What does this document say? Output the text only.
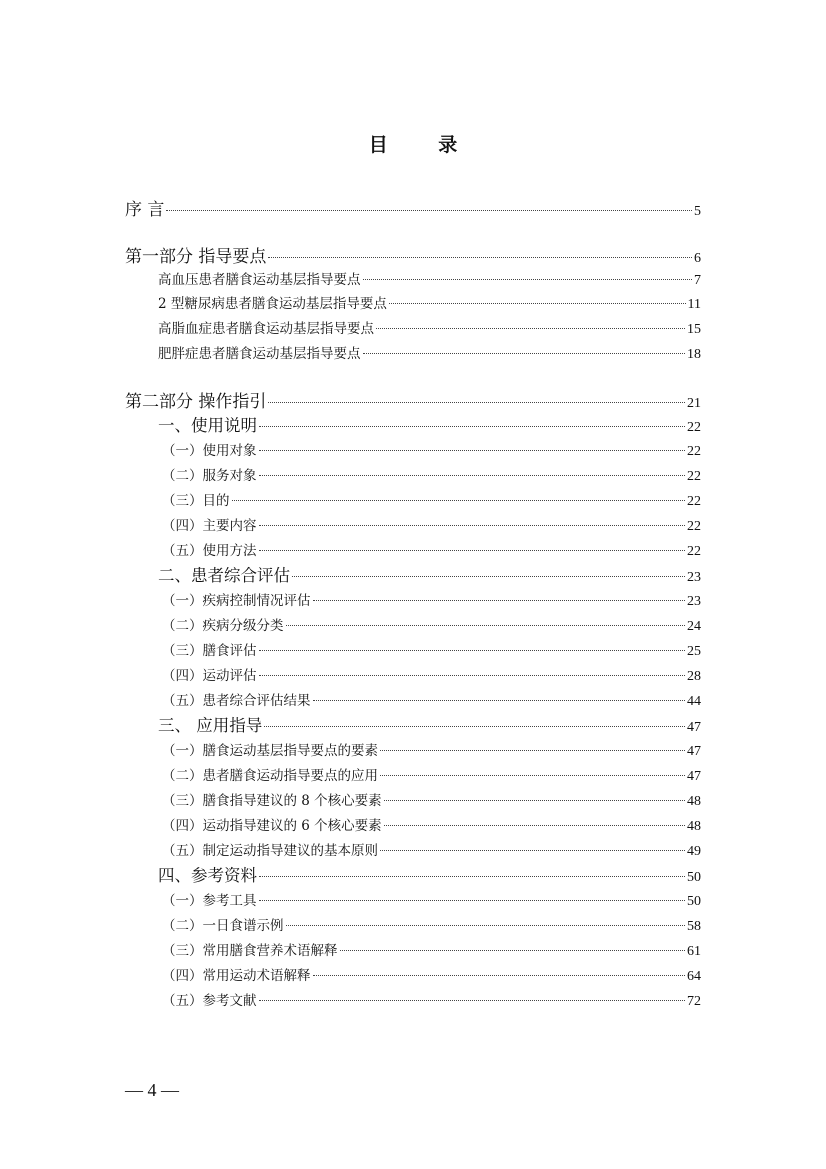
目 录
序 言	5
第一部分 指导要点	6
高血压患者膳食运动基层指导要点	7
2 型糖尿病患者膳食运动基层指导要点	11
高脂血症患者膳食运动基层指导要点	15
肥胖症患者膳食运动基层指导要点	18
第二部分 操作指引	21
一、使用说明	22
（一）使用对象	22
（二）服务对象	22
（三）目的	22
（四）主要内容	22
（五）使用方法	22
二、患者综合评估	23
（一）疾病控制情况评估	23
（二）疾病分级分类	24
（三）膳食评估	25
（四）运动评估	28
（五）患者综合评估结果	44
三、 应用指导	47
（一）膳食运动基层指导要点的要素	47
（二）患者膳食运动指导要点的应用	47
（三）膳食指导建议的 8 个核心要素	48
（四）运动指导建议的 6 个核心要素	48
（五）制定运动指导建议的基本原则	49
四、参考资料	50
（一）参考工具	50
（二）一日食谱示例	58
（三）常用膳食营养术语解释	61
（四）常用运动术语解释	64
（五）参考文献	72
— 4 —
